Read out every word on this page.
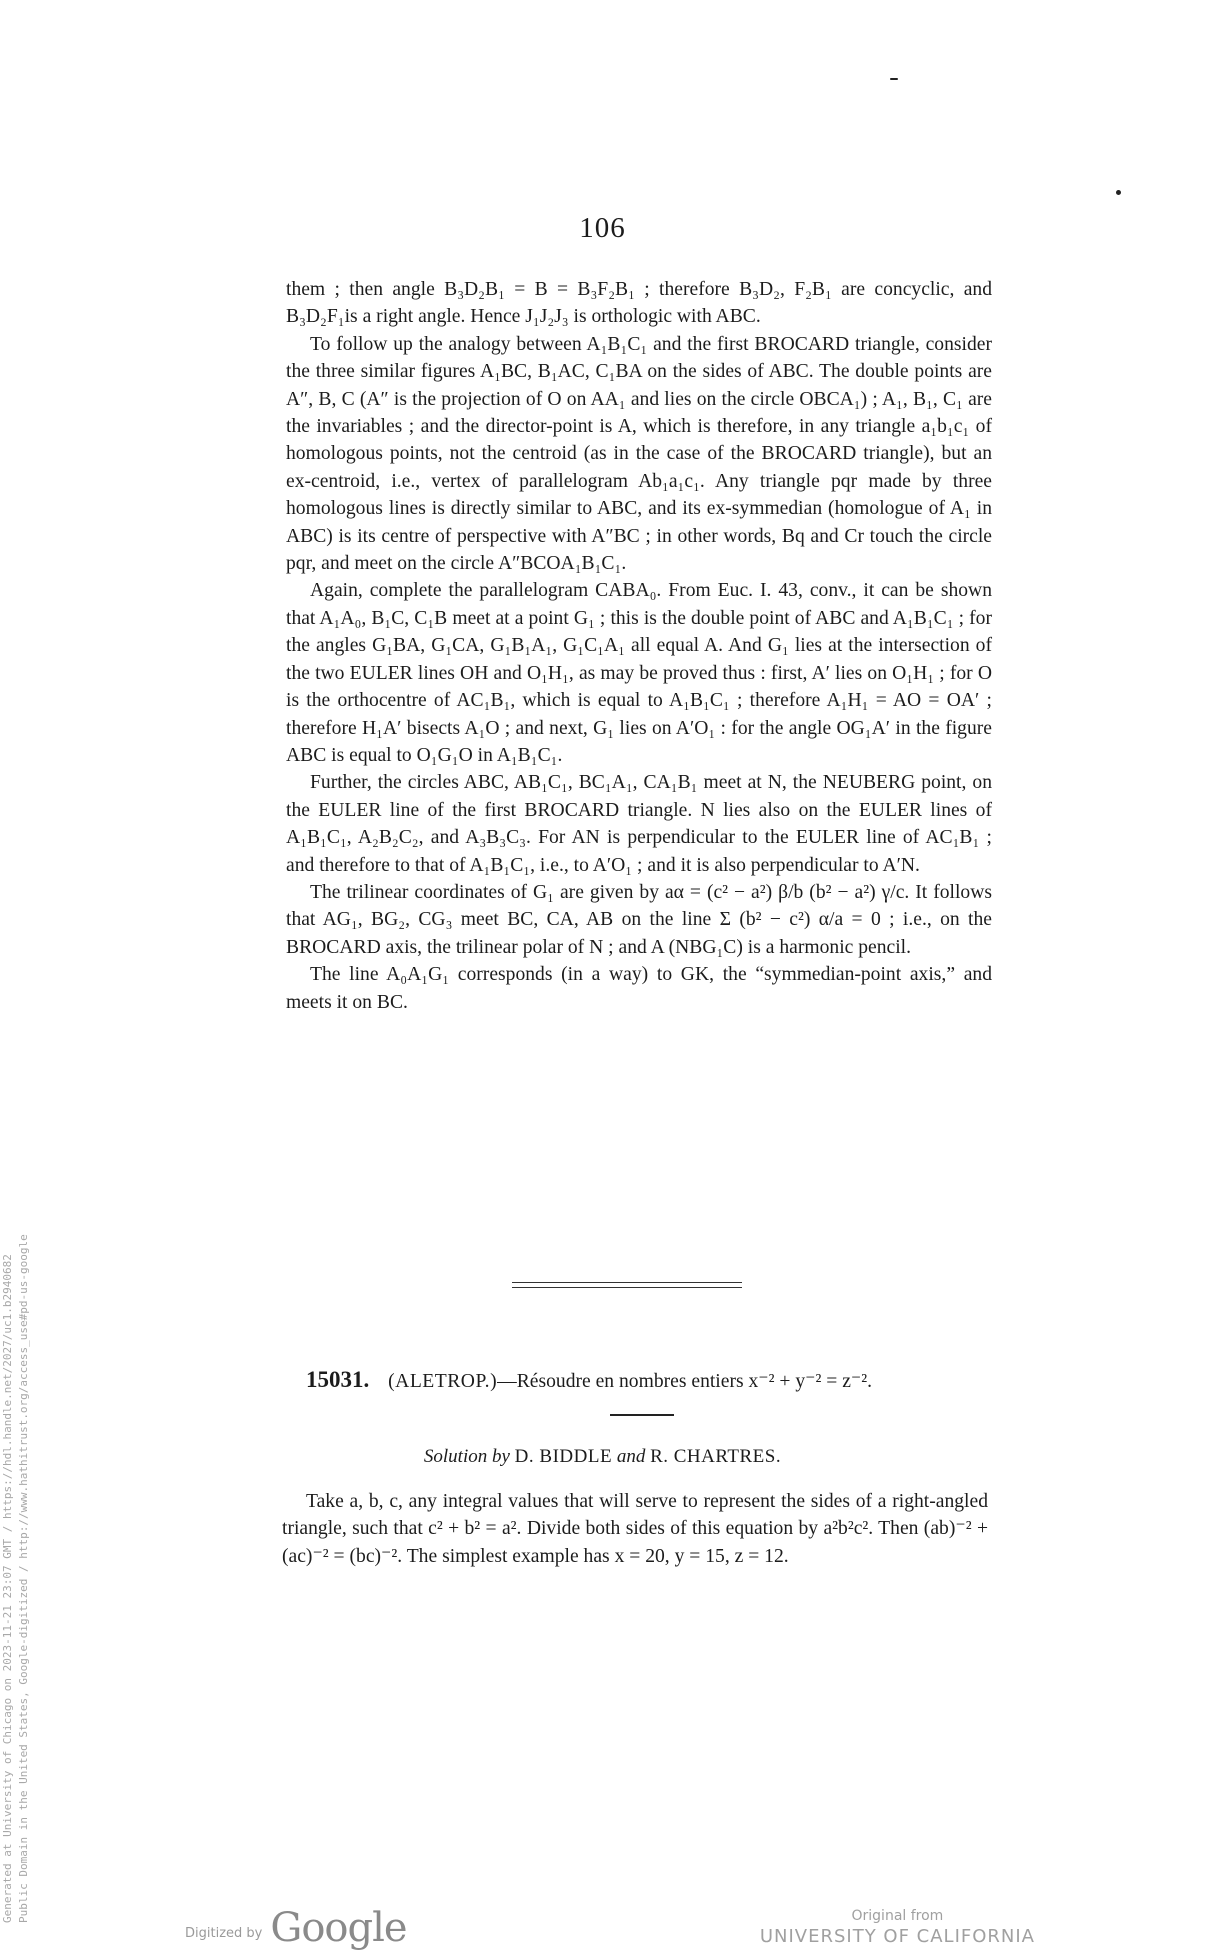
106

them ; then angle B₃D₂B₁ = B = B₃F₂B₁ ; therefore B₃D₂, F₂B₁ are concyclic, and B₃D₂F₁is a right angle. Hence J₁J₂J₃ is orthologic with ABC.

To follow up the analogy between A₁B₁C₁ and the first BROCARD triangle, consider the three similar figures A₁BC, B₁AC, C₁BA on the sides of ABC. The double points are A″, B, C (A″ is the projection of O on AA₁ and lies on the circle OBCA₁) ; A₁, B₁, C₁ are the invariables ; and the director-point is A, which is therefore, in any triangle a₁b₁c₁ of homologous points, not the centroid (as in the case of the BROCARD triangle), but an ex-centroid, i.e., vertex of parallelogram Ab₁a₁c₁. Any triangle pqr made by three homologous lines is directly similar to ABC, and its ex-symmedian (homologue of A₁ in ABC) is its centre of perspective with A″BC ; in other words, Bq and Cr touch the circle pqr, and meet on the circle A″BCOA₁B₁C₁.

Again, complete the parallelogram CABA₀. From Euc. I. 43, conv., it can be shown that A₁A₀, B₁C, C₁B meet at a point G₁ ; this is the double point of ABC and A₁B₁C₁ ; for the angles G₁BA, G₁CA, G₁B₁A₁, G₁C₁A₁ all equal A. And G₁ lies at the intersection of the two EULER lines OH and O₁H₁, as may be proved thus : first, A′ lies on O₁H₁ ; for O is the orthocentre of AC₁B₁, which is equal to A₁B₁C₁ ; therefore A₁H₁ = AO = OA′ ; therefore H₁A′ bisects A₁O ; and next, G₁ lies on A′O₁ : for the angle OG₁A′ in the figure ABC is equal to O₁G₁O in A₁B₁C₁.

Further, the circles ABC, AB₁C₁, BC₁A₁, CA₁B₁ meet at N, the NEUBERG point, on the EULER line of the first BROCARD triangle. N lies also on the EULER lines of A₁B₁C₁, A₂B₂C₂, and A₃B₃C₃. For AN is perpendicular to the EULER line of AC₁B₁ ; and therefore to that of A₁B₁C₁, i.e., to A′O₁ ; and it is also perpendicular to A′N.

The trilinear coordinates of G₁ are given by aα = (c² − a²) β/b (b² − a²) γ/c. It follows that AG₁, BG₂, CG₃ meet BC, CA, AB on the line Σ (b² − c²) α/a = 0 ; i.e., on the BROCARD axis, the trilinear polar of N ; and A (NBG₁C) is a harmonic pencil.

The line A₀A₁G₁ corresponds (in a way) to GK, the “symmedian-point axis,” and meets it on BC.

15031. (ALETROP.)—Résoudre en nombres entiers x⁻² + y⁻² = z⁻².
Solution by D. BIDDLE and R. CHARTRES.

Take a, b, c, any integral values that will serve to represent the sides of a right-angled triangle, such that c² + b² = a². Divide both sides of this equation by a²b²c². Then (ab)⁻² + (ac)⁻² = (bc)⁻². The simplest example has x = 20, y = 15, z = 12.

Generated at University of Chicago on 2023-11-21 23:07 GMT / https://hdl.handle.net/2027/uc1.b2940682 Public Domain in the United States, Google-digitized / http://www.hathitrust.org/access_use#pd-us-google
Digitized by Google	Original from
UNIVERSITY OF CALIFORNIA
